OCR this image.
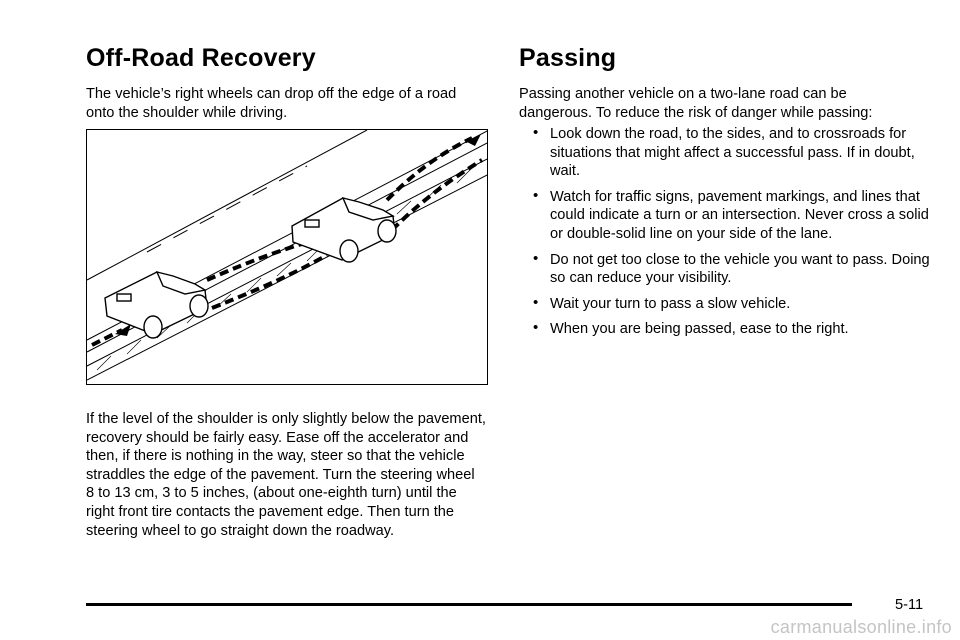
Off-Road Recovery

The vehicle’s right wheels can drop off the edge of a road onto the shoulder while driving.

If the level of the shoulder is only slightly below the pavement, recovery should be fairly easy. Ease off the accelerator and then, if there is nothing in the way, steer so that the vehicle straddles the edge of the pavement. Turn the steering wheel 8 to 13 cm, 3 to 5 inches, (about one-eighth turn) until the right front tire contacts the pavement edge. Then turn the steering wheel to go straight down the roadway.

Passing

Passing another vehicle on a two-lane road can be dangerous. To reduce the risk of danger while passing:

• Look down the road, to the sides, and to crossroads for situations that might affect a successful pass. If in doubt, wait.
• Watch for traffic signs, pavement markings, and lines that could indicate a turn or an intersection. Never cross a solid or double-solid line on your side of the lane.
• Do not get too close to the vehicle you want to pass. Doing so can reduce your visibility.
• Wait your turn to pass a slow vehicle.
• When you are being passed, ease to the right.
5-11
carmanualsonline.info
